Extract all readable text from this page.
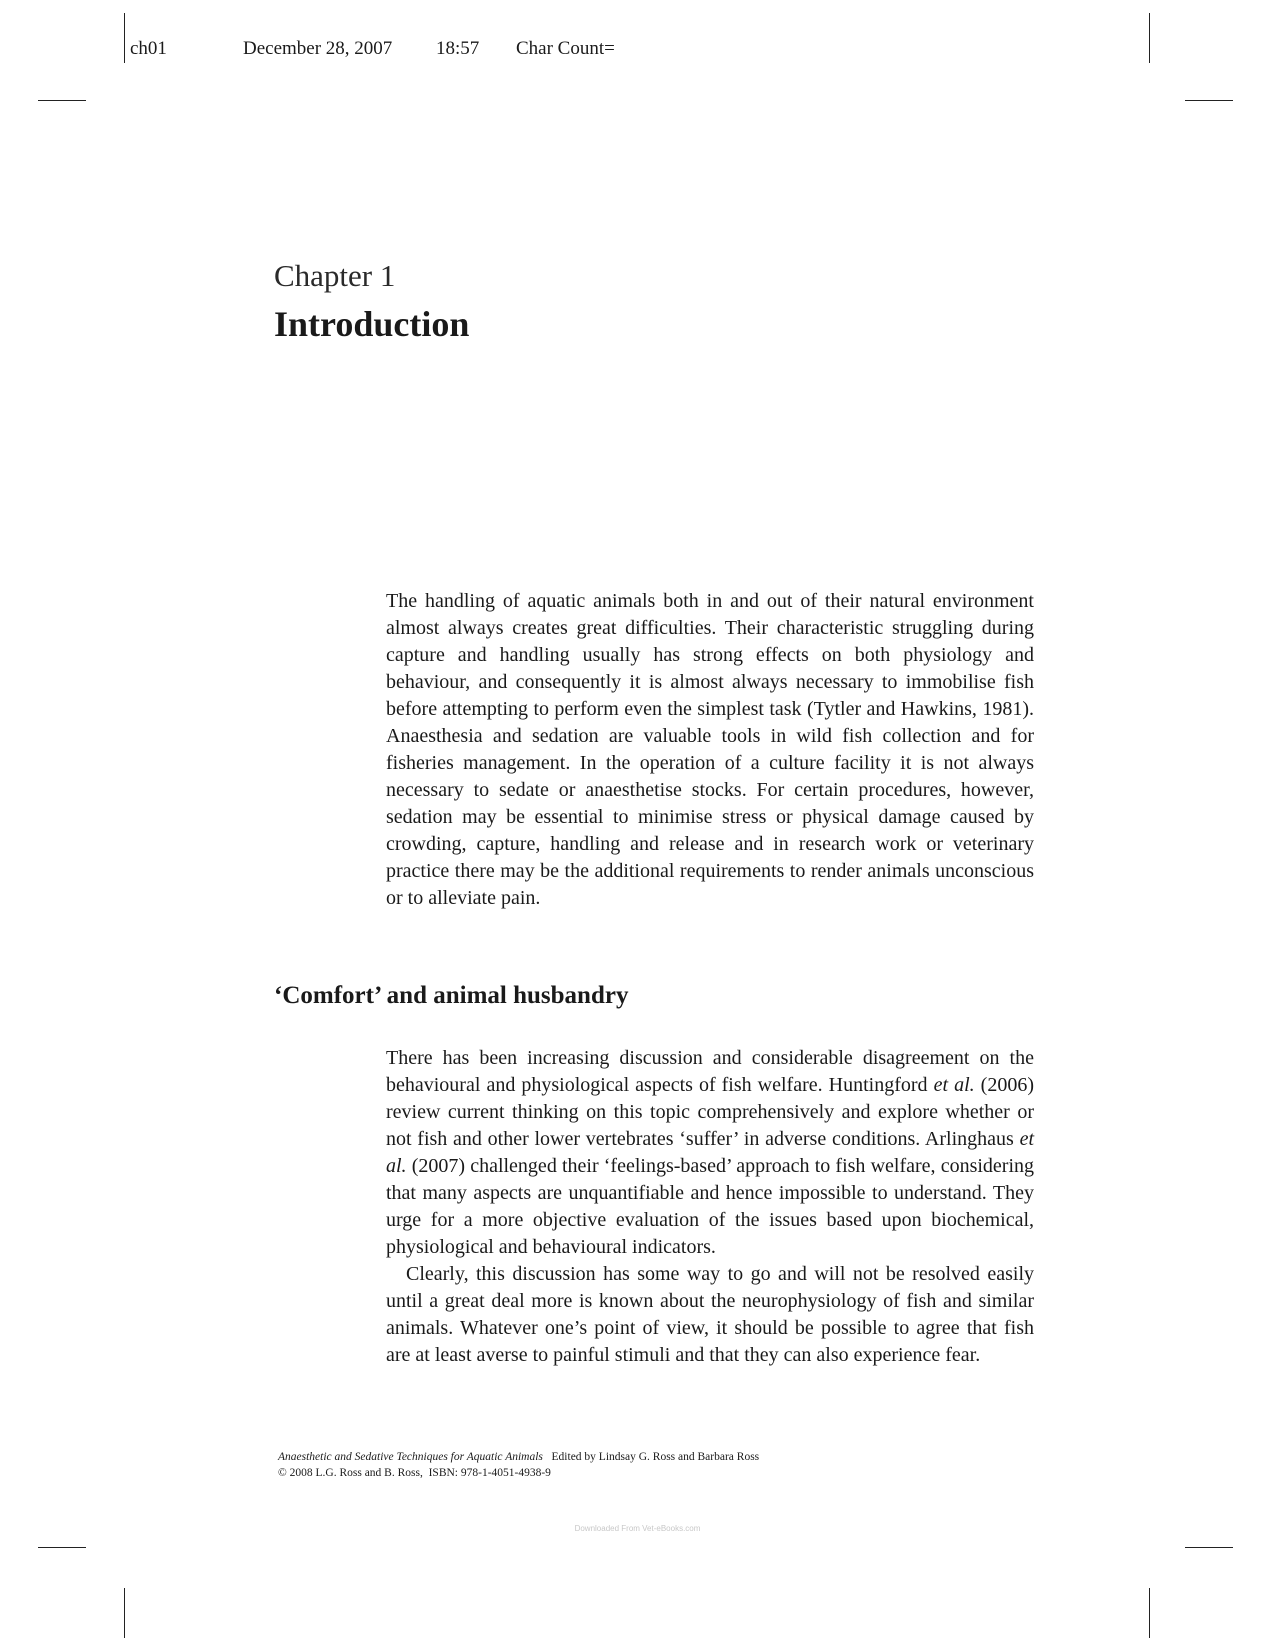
ch01	December 28, 2007 18:57 Char Count=
Chapter 1
Introduction

The handling of aquatic animals both in and out of their natural environment almost always creates great difficulties. Their characteristic struggling during capture and handling usually has strong effects on both physiology and behaviour, and consequently it is almost always necessary to immobilise fish before attempting to perform even the simplest task (Tytler and Hawkins, 1981). Anaesthesia and sedation are valuable tools in wild fish collection and for fisheries management. In the operation of a culture facility it is not always necessary to sedate or anaesthetise stocks. For certain procedures, however, sedation may be essential to minimise stress or physical damage caused by crowding, capture, handling and release and in research work or veterinary practice there may be the additional requirements to render animals unconscious or to alleviate pain.

‘Comfort’ and animal husbandry

There has been increasing discussion and considerable disagreement on the behavioural and physiological aspects of fish welfare. Huntingford et al. (2006) review current thinking on this topic comprehensively and explore whether or not fish and other lower vertebrates ‘suffer’ in adverse conditions. Arlinghaus et al. (2007) challenged their ‘feelings-based’ approach to fish welfare, considering that many aspects are unquantifiable and hence impossible to understand. They urge for a more objective evaluation of the issues based upon biochemical, physiological and behavioural indicators.

Clearly, this discussion has some way to go and will not be resolved easily until a great deal more is known about the neurophysiology of fish and similar animals. Whatever one’s point of view, it should be possible to agree that fish are at least averse to painful stimuli and that they can also experience fear.

Anaesthetic and Sedative Techniques for Aquatic Animals Edited by Lindsay G. Ross and Barbara Ross
© 2008 L.G. Ross and B. Ross, ISBN: 978-1-4051-4938-9
Downloaded From Vet-eBooks.com
